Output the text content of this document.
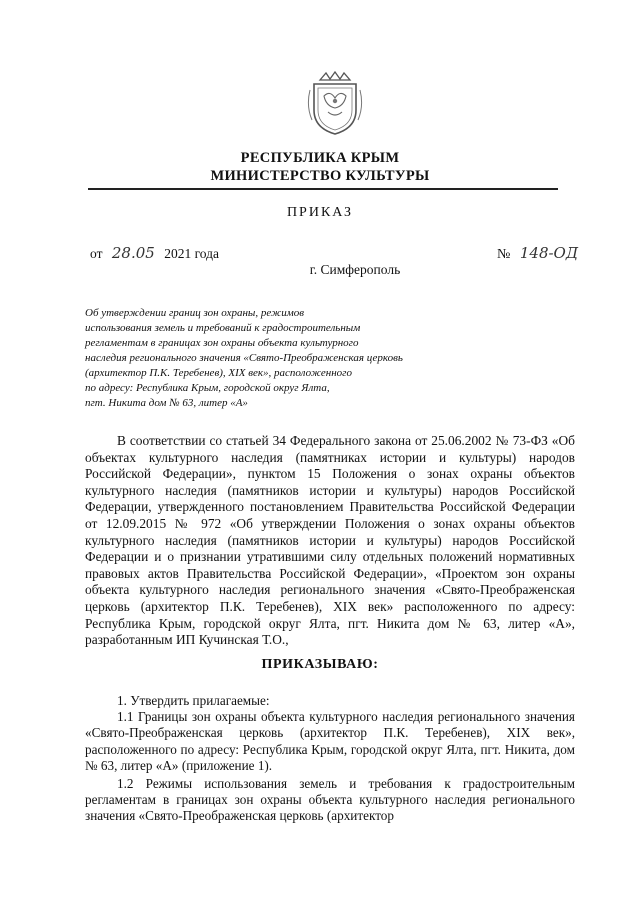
РЕСПУБЛИКА КРЫМ
МИНИСТЕРСТВО КУЛЬТУРЫ
ПРИКАЗ
от 28.05 2021 года	№ 148-ОД
г. Симферополь
Об утверждении границ зон охраны, режимов
использования земель и требований к градостроительным
регламентам в границах зон охраны объекта культурного
наследия регионального значения «Свято-Преображенская церковь
(архитектор П.К. Теребенев), XIX век», расположенного
по адресу: Республика Крым, городской округ Ялта,
пгт. Никита дом № 63, литер «А»

В соответствии со статьей 34 Федерального закона от 25.06.2002 № 73-ФЗ «Об объектах культурного наследия (памятниках истории и культуры) народов Российской Федерации», пунктом 15 Положения о зонах охраны объектов культурного наследия (памятников истории и культуры) народов Российской Федерации, утвержденного постановлением Правительства Российской Федерации от 12.09.2015 № 972 «Об утверждении Положения о зонах охраны объектов культурного наследия (памятников истории и культуры) народов Российской Федерации и о признании утратившими силу отдельных положений нормативных правовых актов Правительства Российской Федерации», «Проектом зон охраны объекта культурного наследия регионального значения «Свято-Преображенская церковь (архитектор П.К. Теребенев), XIX век» расположенного по адресу: Республика Крым, городской округ Ялта, пгт. Никита дом № 63, литер «А», разработанным ИП Кучинская Т.О.,

ПРИКАЗЫВАЮ:

1. Утвердить прилагаемые:

1.1 Границы зон охраны объекта культурного наследия регионального значения «Свято-Преображенская церковь (архитектор П.К. Теребенев), XIX век», расположенного по адресу: Республика Крым, городской округ Ялта, пгт. Никита, дом № 63, литер «А» (приложение 1).

1.2 Режимы использования земель и требования к градостроительным регламентам в границах зон охраны объекта культурного наследия регионального значения «Свято-Преображенская церковь (архитектор
